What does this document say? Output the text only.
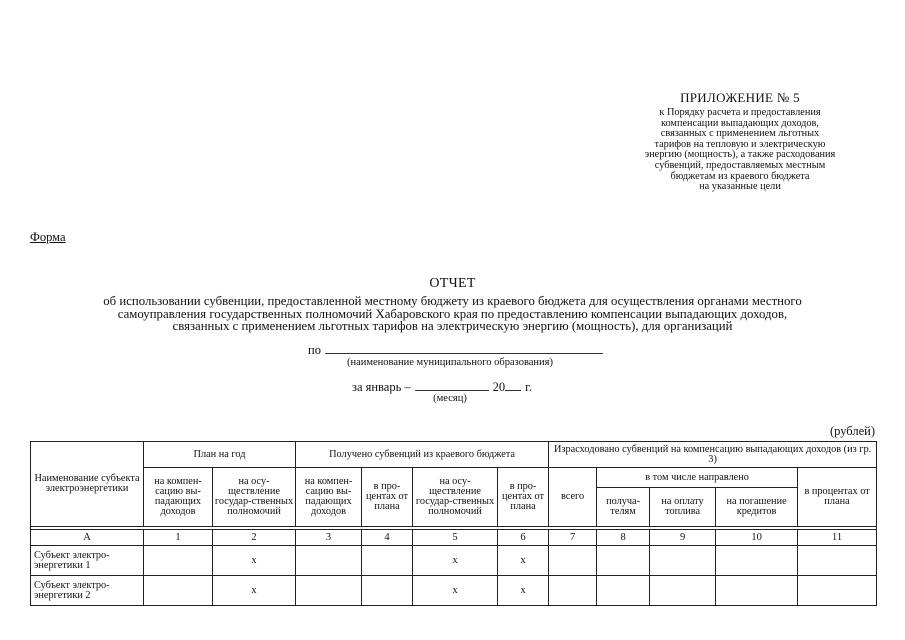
ПРИЛОЖЕНИЕ № 5
к Порядку расчета и предоставления
компенсации выпадающих доходов,
связанных с применением льготных
тарифов на тепловую и электрическую
энергию (мощность), а также расходования
субвенций, предоставляемых местным
бюджетам из краевого бюджета
на указанные цели
Форма
ОТЧЕТ
об использовании субвенции, предоставленной местному бюджету из краевого бюджета для осуществления органами местного
самоуправления государственных полномочий Хабаровского края по предоставлению компенсации выпадающих доходов,
связанных с применением льготных тарифов на электрическую энергию (мощность), для организаций
по
(наименование муниципального образования)
за январь –	20 г.
(месяц)
(рублей)
Наименование субъекта электроэнергетики	План на год		Получено субвенций из краевого бюджета				Израсходовано субвенций на компенсацию выпадающих доходов (из гр. 3)				
	на компен-сацию вы-падающих доходов	на осу-ществление государ-ственных полномочий	на компен-сацию вы-падающих доходов	в про-центах от плана	на осу-ществление государ-ственных полномочий	в про-центах от плана	всего	в том числе направлено			в процентах от плана
								получа-телям	на оплату топлива	на погашение кредитов	

А	1	2	3	4	5	6	7	8	9	10	11
Субъект электро-энергетики 1		x			x	x					
Субъект электро-энергетики 2		x			x	x					
